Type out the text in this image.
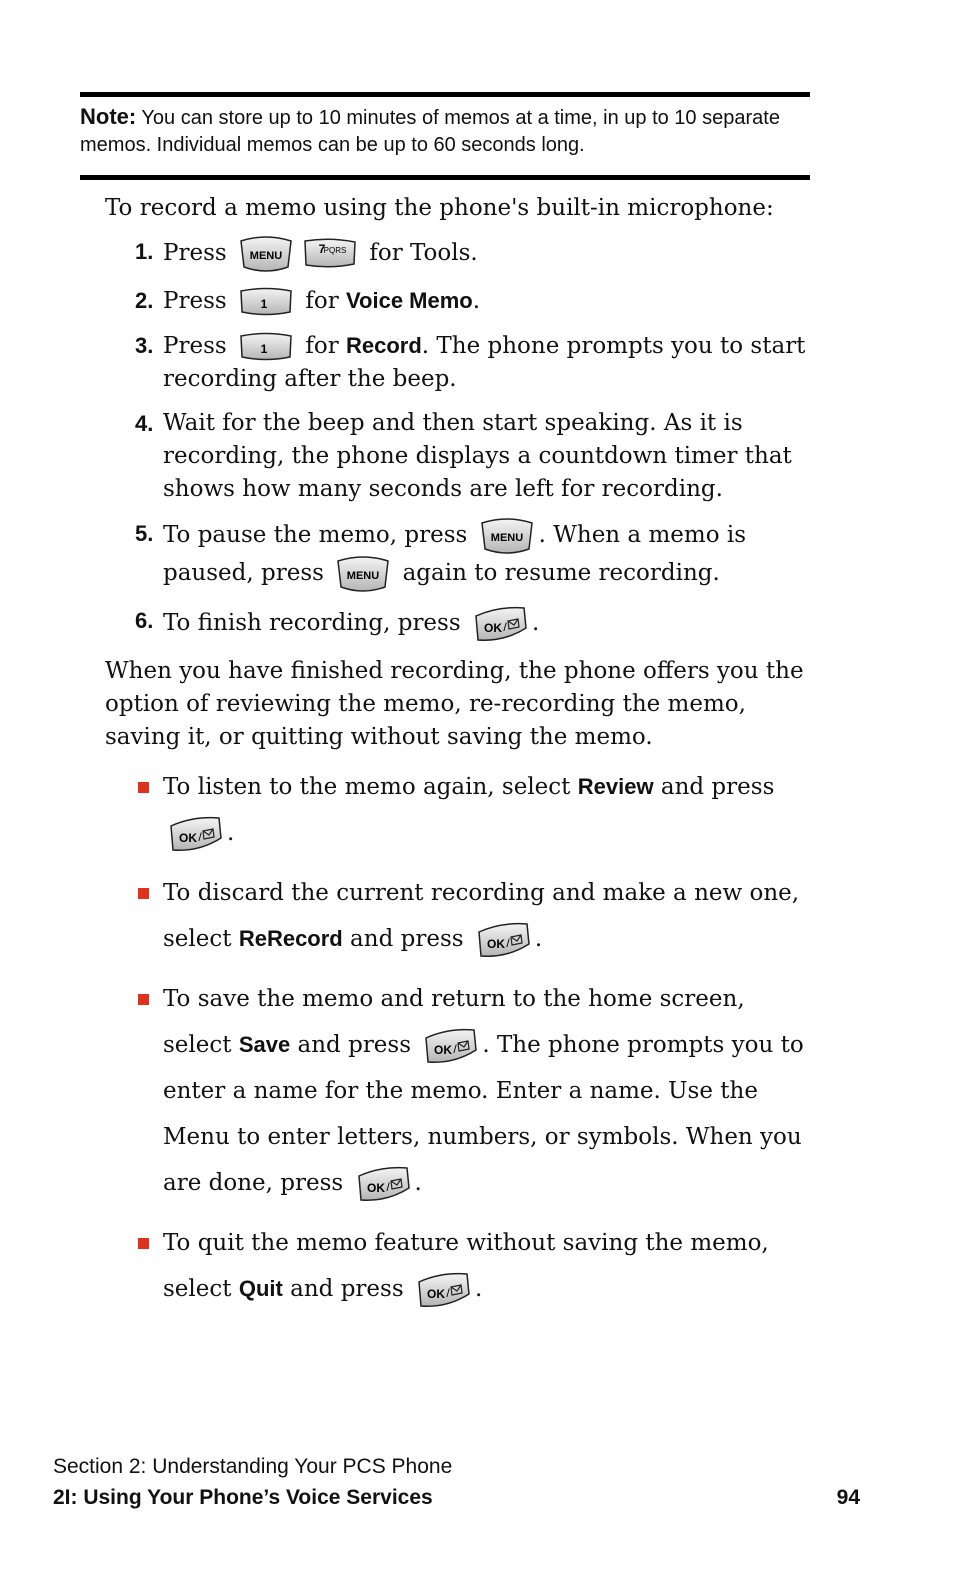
Note: You can store up to 10 minutes of memos at a time, in up to 10 separate memos. Individual memos can be up to 60 seconds long.

To record a memo using the phone's built-in microphone:

1. Press MENU	7
PQRS for Tools.
2. Press	1 for Voice Memo.
3. Press	1 for Record. The phone prompts you to start recording after the beep.
4. Wait for the beep and then start speaking. As it is recording, the phone displays a countdown timer that shows how many seconds are left for recording.
5. To pause the memo, press MENU . When a memo is paused, press MENU again to resume recording.
6. To finish recording, press OK / .

When you have finished recording, the phone offers you the option of reviewing the memo, re-recording the memo, saving it, or quitting without saving the memo.

To listen to the memo again, select Review and press
OK / .
To discard the current recording and make a new one, select ReRecord and press OK / .
To save the memo and return to the home screen, select Save and press OK / . The phone prompts you to enter a name for the memo. Enter a name. Use the Menu to enter letters, numbers, or symbols. When you are done, press OK / .
To quit the memo feature without saving the memo, select Quit and press OK / .
Section 2: Understanding Your PCS Phone
2I: Using Your Phone’s Voice Services	94
